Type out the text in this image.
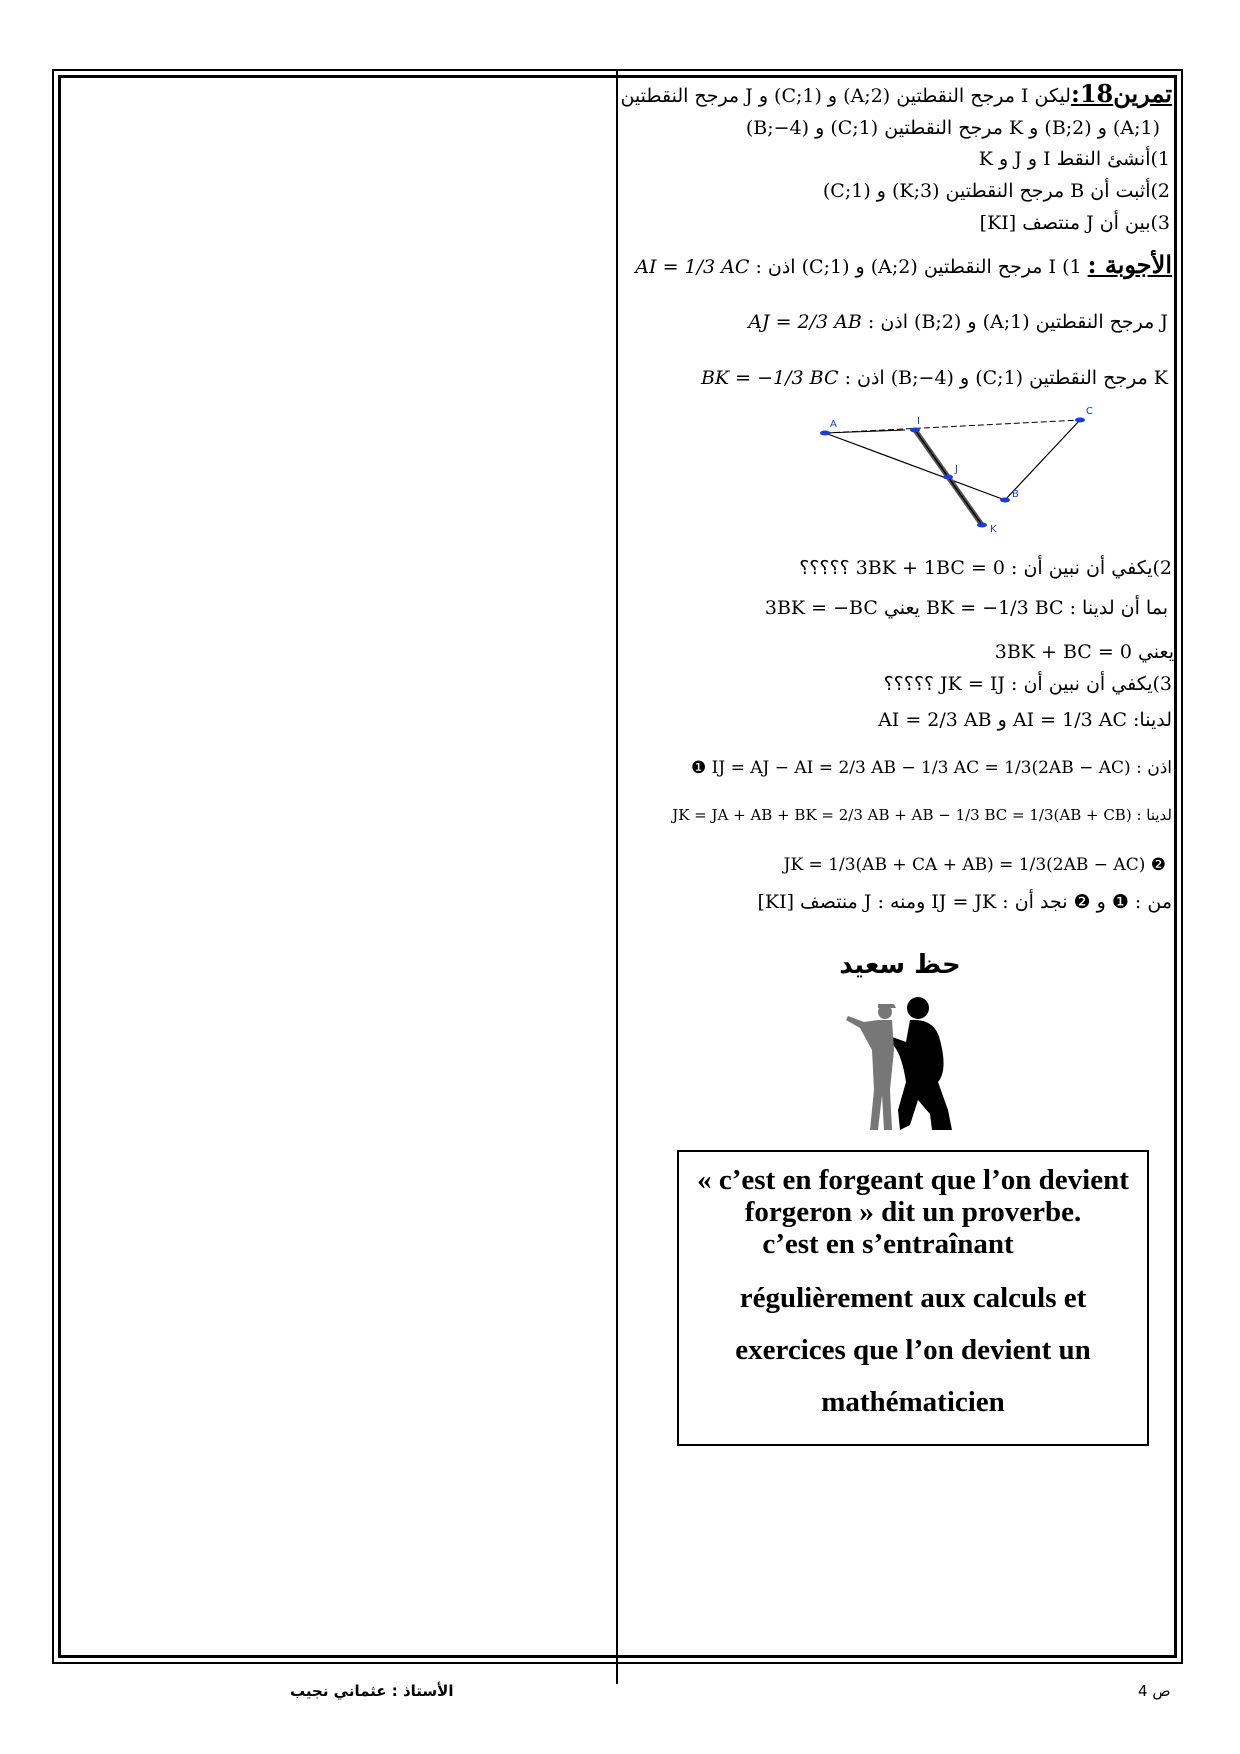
تمرين18:ليكن I مرجح النقطتين (A;2) و (C;1) و J مرجح النقطتين
(A;1) و (B;2) و K مرجح النقطتين (C;1) و (B;−4)
1)أنشئ النقط I و J و K
2)أثبت أن B مرجح النقطتين (K;3) و (C;1)
3)بين أن J منتصف [KI]
الأجوبة : 1) I مرجح النقطتين (A;2) و (C;1) اذن : AI = 1/3 AC
J مرجح النقطتين (A;1) و (B;2) اذن : AJ = 2/3 AB
K مرجح النقطتين (C;1) و (B;−4) اذن : BK = −1/3 BC
A	I
C
J
B
K
2)يكفي أن نبين أن : 3BK + 1BC = 0 ؟؟؟؟؟
بما أن لدينا : BK = −1/3 BC يعني 3BK = −BC
يعني 3BK + BC = 0
3)يكفي أن نبين أن : JK = IJ ؟؟؟؟؟
لدينا: AI = 1/3 AC و AI = 2/3 AB
اذن : IJ = AJ − AI = 2/3 AB − 1/3 AC = 1/3(2AB − AC) ❶
لدينا : JK = JA + AB + BK = 2/3 AB + AB − 1/3 BC = 1/3(AB + CB)
❷ JK = 1/3(AB + CA + AB) = 1/3(2AB − AC)
من : ❶ و ❷ نجد أن : IJ = JK ومنه : J منتصف [KI]
حظ سعيد
« c’est en forgeant que l’on devient
forgeron » dit un proverbe.
c’est en s’entraînant
régulièrement aux calculs et
exercices que l’on devient un
mathématicien
الأستاذ : عثماني نجيب	ص 4
